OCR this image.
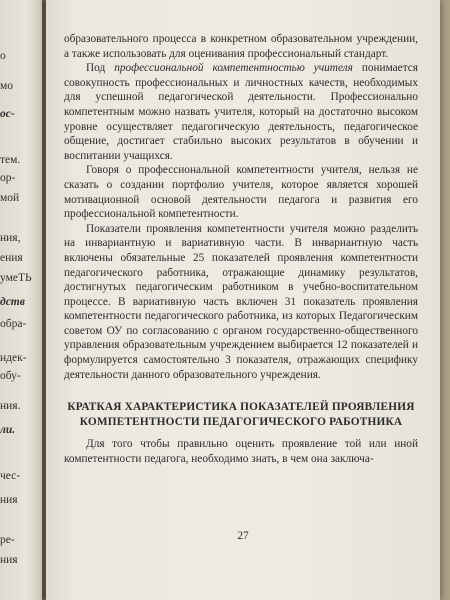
о
мо
ос-
тем.
ор-
мой
ния,
ения
умеТЬ
дств
обра-
ндек-
обу-
ния.
ли.
чес-
ния
ре-
ния

образовательного процесса в конкретном образовательном учреждении, а также использовать для оценивания профессиональный стандарт.

Под профессиональной компетентностью учителя понимается совокупность профессиональных и личностных качеств, необходимых для успешной педагогической деятельности. Профессионально компетентным можно назвать учителя, который на достаточно высоком уровне осуществляет педагогическую деятельность, педагогическое общение, достигает стабильно высоких результатов в обучении и воспитании учащихся.

Говоря о профессиональной компетентности учителя, нельзя не сказать о создании портфолио учителя, которое является хорошей мотивационной основой деятельности педагога и развития его профессиональной компетентности.

Показатели проявления компетентности учителя можно разделить на инвариантную и вариативную части. В инвариантную часть включены обязательные 25 показателей проявления компетентности педагогического работника, отражающие динамику результатов, достигнутых педагогическим работником в учебно-воспитательном процессе. В вариативную часть включен 31 показатель проявления компетентности педагогического работника, из которых Педагогическим советом ОУ по согласованию с органом государственно-общественного управления образовательным учреждением выбирается 12 показателей и формулируется самостоятельно 3 показателя, отражающих специфику деятельности данного образовательного учреждения.

КРАТКАЯ ХАРАКТЕРИСТИКА ПОКАЗАТЕЛЕЙ ПРОЯВЛЕНИЯ КОМПЕТЕНТНОСТИ ПЕДАГОГИЧЕСКОГО РАБОТНИКА

Для того чтобы правильно оценить проявление той или иной компетентности педагога, необходимо знать, в чем она заключа-

27
